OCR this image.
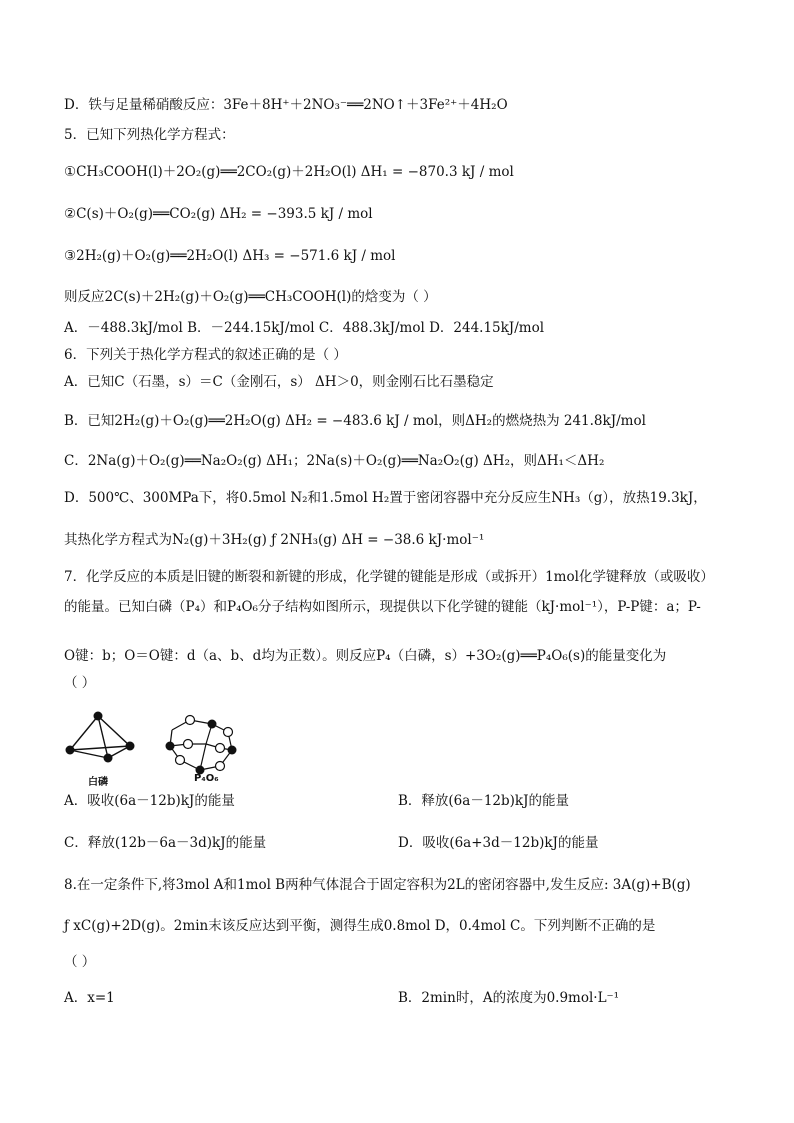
D．铁与足量稀硝酸反应：3Fe＋8H⁺＋2NO₃⁻══2NO↑＋3Fe²⁺＋4H₂O
5．已知下列热化学方程式：
①CH₃COOH(l)＋2O₂(g)══2CO₂(g)＋2H₂O(l) ΔH₁ = −870.3 kJ / mol
②C(s)＋O₂(g)══CO₂(g) ΔH₂ = −393.5 kJ / mol
③2H₂(g)＋O₂(g)══2H₂O(l) ΔH₃ = −571.6 kJ / mol
则反应2C(s)＋2H₂(g)＋O₂(g)══CH₃COOH(l)的焓变为（ ）
A．－488.3kJ/mol B．－244.15kJ/mol C．488.3kJ/mol D．244.15kJ/mol
6．下列关于热化学方程式的叙述正确的是（ ）
A．已知C（石墨，s）＝C（金刚石，s） ΔH＞0，则金刚石比石墨稳定
B．已知2H₂(g)＋O₂(g)══2H₂O(g) ΔH₂ = −483.6 kJ / mol，则ΔH₂的燃烧热为 241.8kJ/mol
C．2Na(g)＋O₂(g)══Na₂O₂(g) ΔH₁；2Na(s)＋O₂(g)══Na₂O₂(g) ΔH₂，则ΔH₁＜ΔH₂
D．500℃、300MPa下，将0.5mol N₂和1.5mol H₂置于密闭容器中充分反应生NH₃（g），放热19.3kJ，
其热化学方程式为N₂(g)＋3H₂(g) ƒ 2NH₃(g) ΔH = −38.6 kJ·mol⁻¹
7．化学反应的本质是旧键的断裂和新键的形成，化学键的键能是形成（或拆开）1mol化学键释放（或吸收）
的能量。已知白磷（P₄）和P₄O₆分子结构如图所示，现提供以下化学键的键能（kJ·mol⁻¹），P-P键：a；P-
O键：b；O＝O键：d（a、b、d均为正数）。则反应P₄（白磷，s）+3O₂(g)══P₄O₆(s)的能量变化为
（ ）
A．吸收(6a－12b)kJ的能量
C．释放(12b－6a－3d)kJ的能量
8.在一定条件下,将3mol A和1mol B两种气体混合于固定容积为2L的密闭容器中,发生反应: 3A(g)+B(g)
ƒ xC(g)+2D(g)。2min末该反应达到平衡，测得生成0.8mol D，0.4mol C。下列判断不正确的是
（ ）
A．x=1
B．释放(6a－12b)kJ的能量
D．吸收(6a+3d－12b)kJ的能量
B．2min时，A的浓度为0.9mol·L⁻¹
白磷	P₄O₆
